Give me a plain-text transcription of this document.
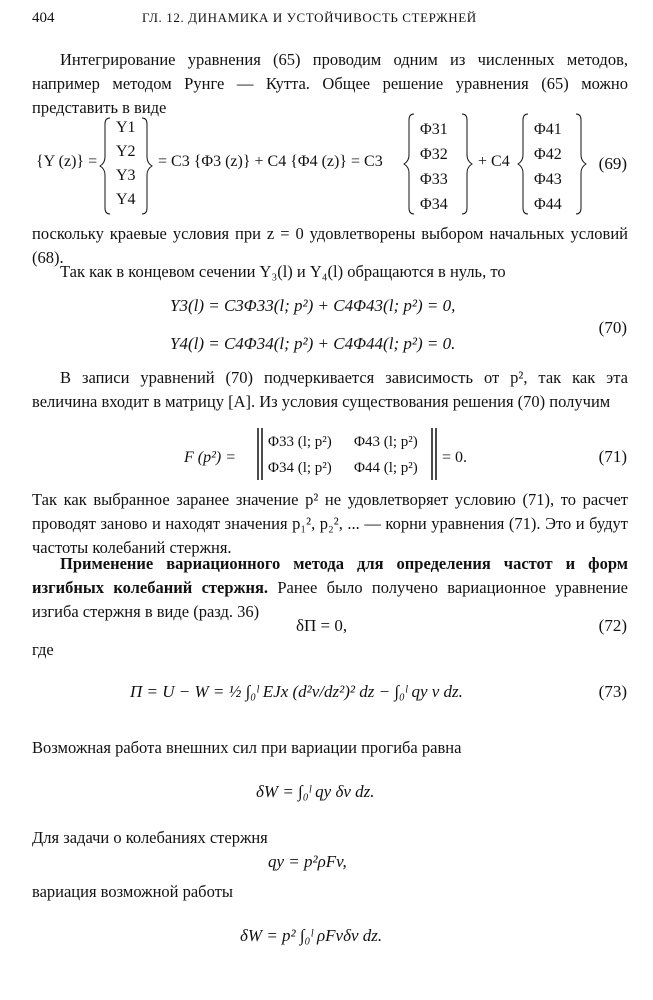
404	ГЛ. 12. ДИНАМИКА И УСТОЙЧИВОСТЬ СТЕРЖНЕЙ

Интегрирование уравнения (65) проводим одним из численных методов, например методом Рунге — Кутта. Общее решение уравнения (65) можно представить в виде

{Y (z)} =
Y1
Y2
Y3
Y4
= C3 {Φ3 (z)} + C4 {Φ4 (z)} = C3
Φ31
Φ32
Φ33
Φ34
+ C4
Φ41
Φ42
Φ43
Φ44
F (p²) =
Φ33 (l; p²) Φ43 (l; p²)
Φ34 (l; p²) Φ44 (l; p²)
= 0.
(69)

поскольку краевые условия при z = 0 удовлетворены выбором начальных условий (68).

Так как в концевом сечении Y₃(l) и Y₄(l) обращаются в нуль, то

Y3(l) = C3Φ33(l; p²) + C4Φ43(l; p²) = 0,
Y4(l) = C4Φ34(l; p²) + C4Φ44(l; p²) = 0.
(70)

В записи уравнений (70) подчеркивается зависимость от p², так как эта величина входит в матрицу [A]. Из условия существования решения (70) получим

(71)

Так как выбранное заранее значение p² не удовлетворяет условию (71), то расчет проводят заново и находят значения p₁², p₂², ... — корни уравнения (71). Это и будут частоты колебаний стержня.

Применение вариационного метода для определения частот и форм изгибных колебаний стержня. Ранее было получено вариационное уравнение изгиба стержня в виде (разд. 36)

δΠ = 0,	(72)
где
Π = U − W = ½ ∫₀ˡ EJx (d²v/dz²)² dz − ∫₀ˡ qy v dz.	(73)

Возможная работа внешних сил при вариации прогиба равна

δW = ∫₀ˡ qy δv dz.

Для задачи о колебаниях стержня

qy = p²ρFv,

вариация возможной работы

δW = p² ∫₀ˡ ρFvδv dz.
